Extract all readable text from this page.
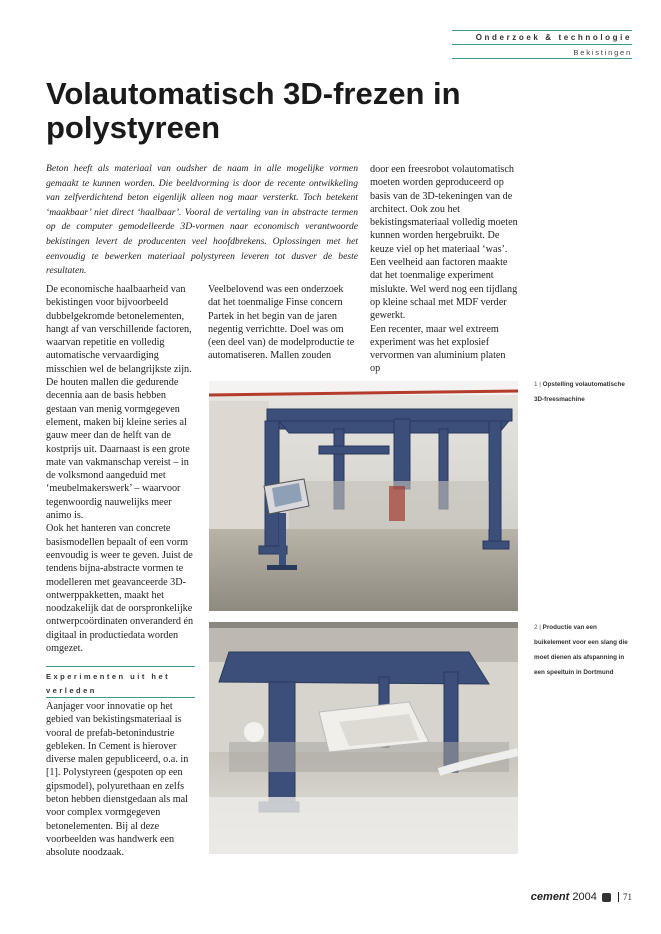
Onderzoek & technologie
Bekistingen
Volautomatisch 3D-frezen in polystyreen
Beton heeft als materiaal van oudsher de naam in alle mogelijke vormen gemaakt te kunnen worden. Die beeldvorming is door de recente ontwikkeling van zelfverdichtend beton eigenlijk alleen nog maar versterkt. Toch betekent ‘maakbaar’ niet direct ‘haalbaar’. Vooral de vertaling van in abstracte termen op de computer gemodelleerde 3D-vormen naar economisch verantwoorde bekistingen levert de producenten veel hoofdbrekens. Oplossingen met het eenvoudig te bewerken materiaal polystyreen leveren tot dusver de beste resultaten.

De economische haalbaarheid van bekistingen voor bijvoorbeeld dubbelgekromde betonelementen, hangt af van verschillende factoren, waarvan repetitie en volledig automatische vervaardiging misschien wel de belangrijkste zijn. De houten mallen die gedurende decennia aan de basis hebben gestaan van menig vormgegeven element, maken bij kleine series al gauw meer dan de helft van de kostprijs uit. Daarnaast is een grote mate van vakmanschap vereist – in de volksmond aangeduid met ‘meubelmakerswerk’ – waarvoor tegenwoordig nauwelijks meer animo is.

Ook het hanteren van concrete basismodellen bepaalt of een vorm eenvoudig is weer te geven. Juist de tendens bijna-abstracte vormen te modelleren met geavanceerde 3D-ontwerppakketten, maakt het noodzakelijk dat de oorspronkelijke ontwerpcoördinaten onveranderd én digitaal in productiedata worden omgezet.

Experimenten uit het verleden

Aanjager voor innovatie op het gebied van bekistingsmateriaal is vooral de prefab-betonindustrie gebleken. In Cement is hierover diverse malen gepubliceerd, o.a. in [1]. Polystyreen (gespoten op een gipsmodel), polyurethaan en zelfs beton hebben dienstgedaan als mal voor complex vormgegeven betonelementen. Bij al deze voorbeelden was handwerk een absolute noodzaak.

Veelbelovend was een onderzoek dat het toenmalige Finse concern Partek in het begin van de jaren negentig verrichtte. Doel was om (een deel van) de modelproductie te automatiseren. Mallen zouden

door een freesrobot volautomatisch moeten worden geproduceerd op basis van de 3D-tekeningen van de architect. Ook zou het bekistingsmateriaal volledig moeten kunnen worden hergebruikt. De keuze viel op het materiaal ‘was’. Een veelheid aan factoren maakte dat het toenmalige experiment mislukte. Wel werd nog een tijdlang op kleine schaal met MDF verder gewerkt.

Een recenter, maar wel extreem experiment was het explosief vervormen van aluminium platen op

1 | Opstelling volautomatische 3D-freesmachine
2 | Productie van een buikelement voor een slang die moet dienen als afspanning in een speeltuin in Dortmund
cement 2004	71
